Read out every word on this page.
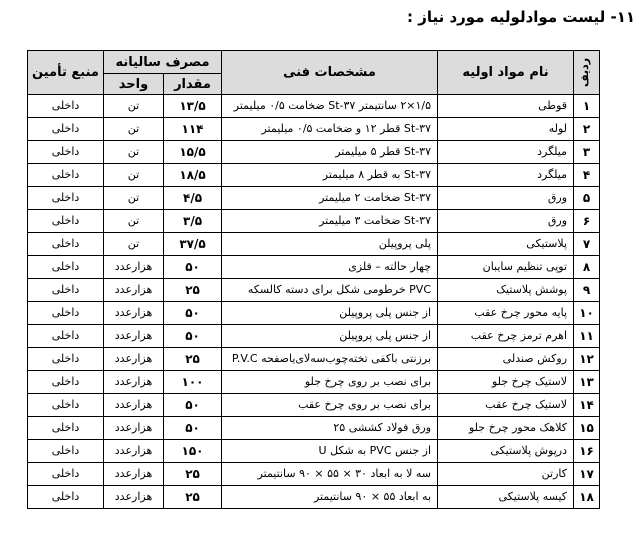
۱۱- لیست موادلولیه مورد نیاز :
ردیف	نام مواد اولیه	مشخصات فنی	مصرف سالیانه		منبع تأمین
			مقدار	واحد	
۱	قوطی	۱/۵×۲ سانتیمتر St-۳۷ ضخامت ۰/۵ میلیمتر	۱۳/۵	تن	داخلی
۲	لوله	St-۳۷ قطر ۱۲ و ضخامت ۰/۵ میلیمتر	۱۱۴	تن	داخلی
۳	میلگرد	St-۳۷ قطر ۵ میلیمتر	۱۵/۵	تن	داخلی
۴	میلگرد	St-۳۷ به قطر ۸ میلیمتر	۱۸/۵	تن	داخلی
۵	ورق	St-۳۷ ضخامت ۲ میلیمتر	۴/۵	تن	داخلی
۶	ورق	St-۳۷ ضخامت ۳ میلیمتر	۳/۵	تن	داخلی
۷	پلاستیکی	پلی پروپیلن	۳۷/۵	تن	داخلی
۸	توپی تنظیم سایبان	چهار حالته – فلزی	۵۰	هزارعدد	داخلی
۹	پوشش پلاستیک	PVC خرطومی شکل برای دسته کالسکه	۲۵	هزارعدد	داخلی
۱۰	پایه محور چرخ عقب	از جنس پلی پروپیلن	۵۰	هزارعدد	داخلی
۱۱	اهرم ترمز چرخ عقب	از جنس پلی پروپیلن	۵۰	هزارعدد	داخلی
۱۲	روکش صندلی	برزنتی باکفی تخته‌چوب‌سه‌لای‌یاصفحه P.V.C	۲۵	هزارعدد	داخلی
۱۳	لاستیک چرخ جلو	برای نصب بر روی چرخ جلو	۱۰۰	هزارعدد	داخلی
۱۴	لاستیک چرخ عقب	برای نصب بر روی چرخ عقب	۵۰	هزارعدد	داخلی
۱۵	کلاهک محور چرخ جلو	ورق فولاد کششی ۲۵	۵۰	هزارعدد	داخلی
۱۶	درپوش پلاستیکی	از جنس PVC به شکل U	۱۵۰	هزارعدد	داخلی
۱۷	کارتن	سه لا به ابعاد ۳۰ × ۵۵ × ۹۰ سانتیمتر	۲۵	هزارعدد	داخلی
۱۸	کیسه پلاستیکی	به ابعاد ۵۵ × ۹۰ سانتیمتر	۲۵	هزارعدد	داخلی
